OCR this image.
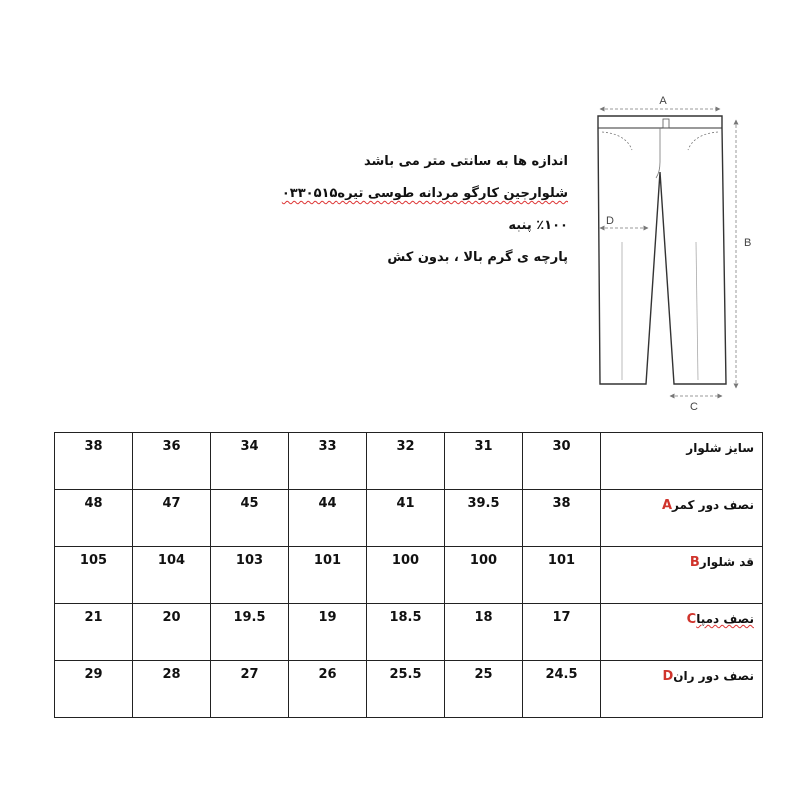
اندازه ها به سانتی متر می باشد
شلوارجین کارگو مردانه طوسی تیره۰۳۳۰۵۱۵
٪۱۰۰ پنبه
پارچه ی گرم بالا ، بدون کش
A
B
D
C
38	36	34	33	32	31	30	سایز شلوار
48	47	45	44	41	39.5	38	نصف دور کمرA
105	104	103	101	100	100	101	قد شلوارB
21	20	19.5	19	18.5	18	17	نصف دمپاC
29	28	27	26	25.5	25	24.5	نصف دور رانD
